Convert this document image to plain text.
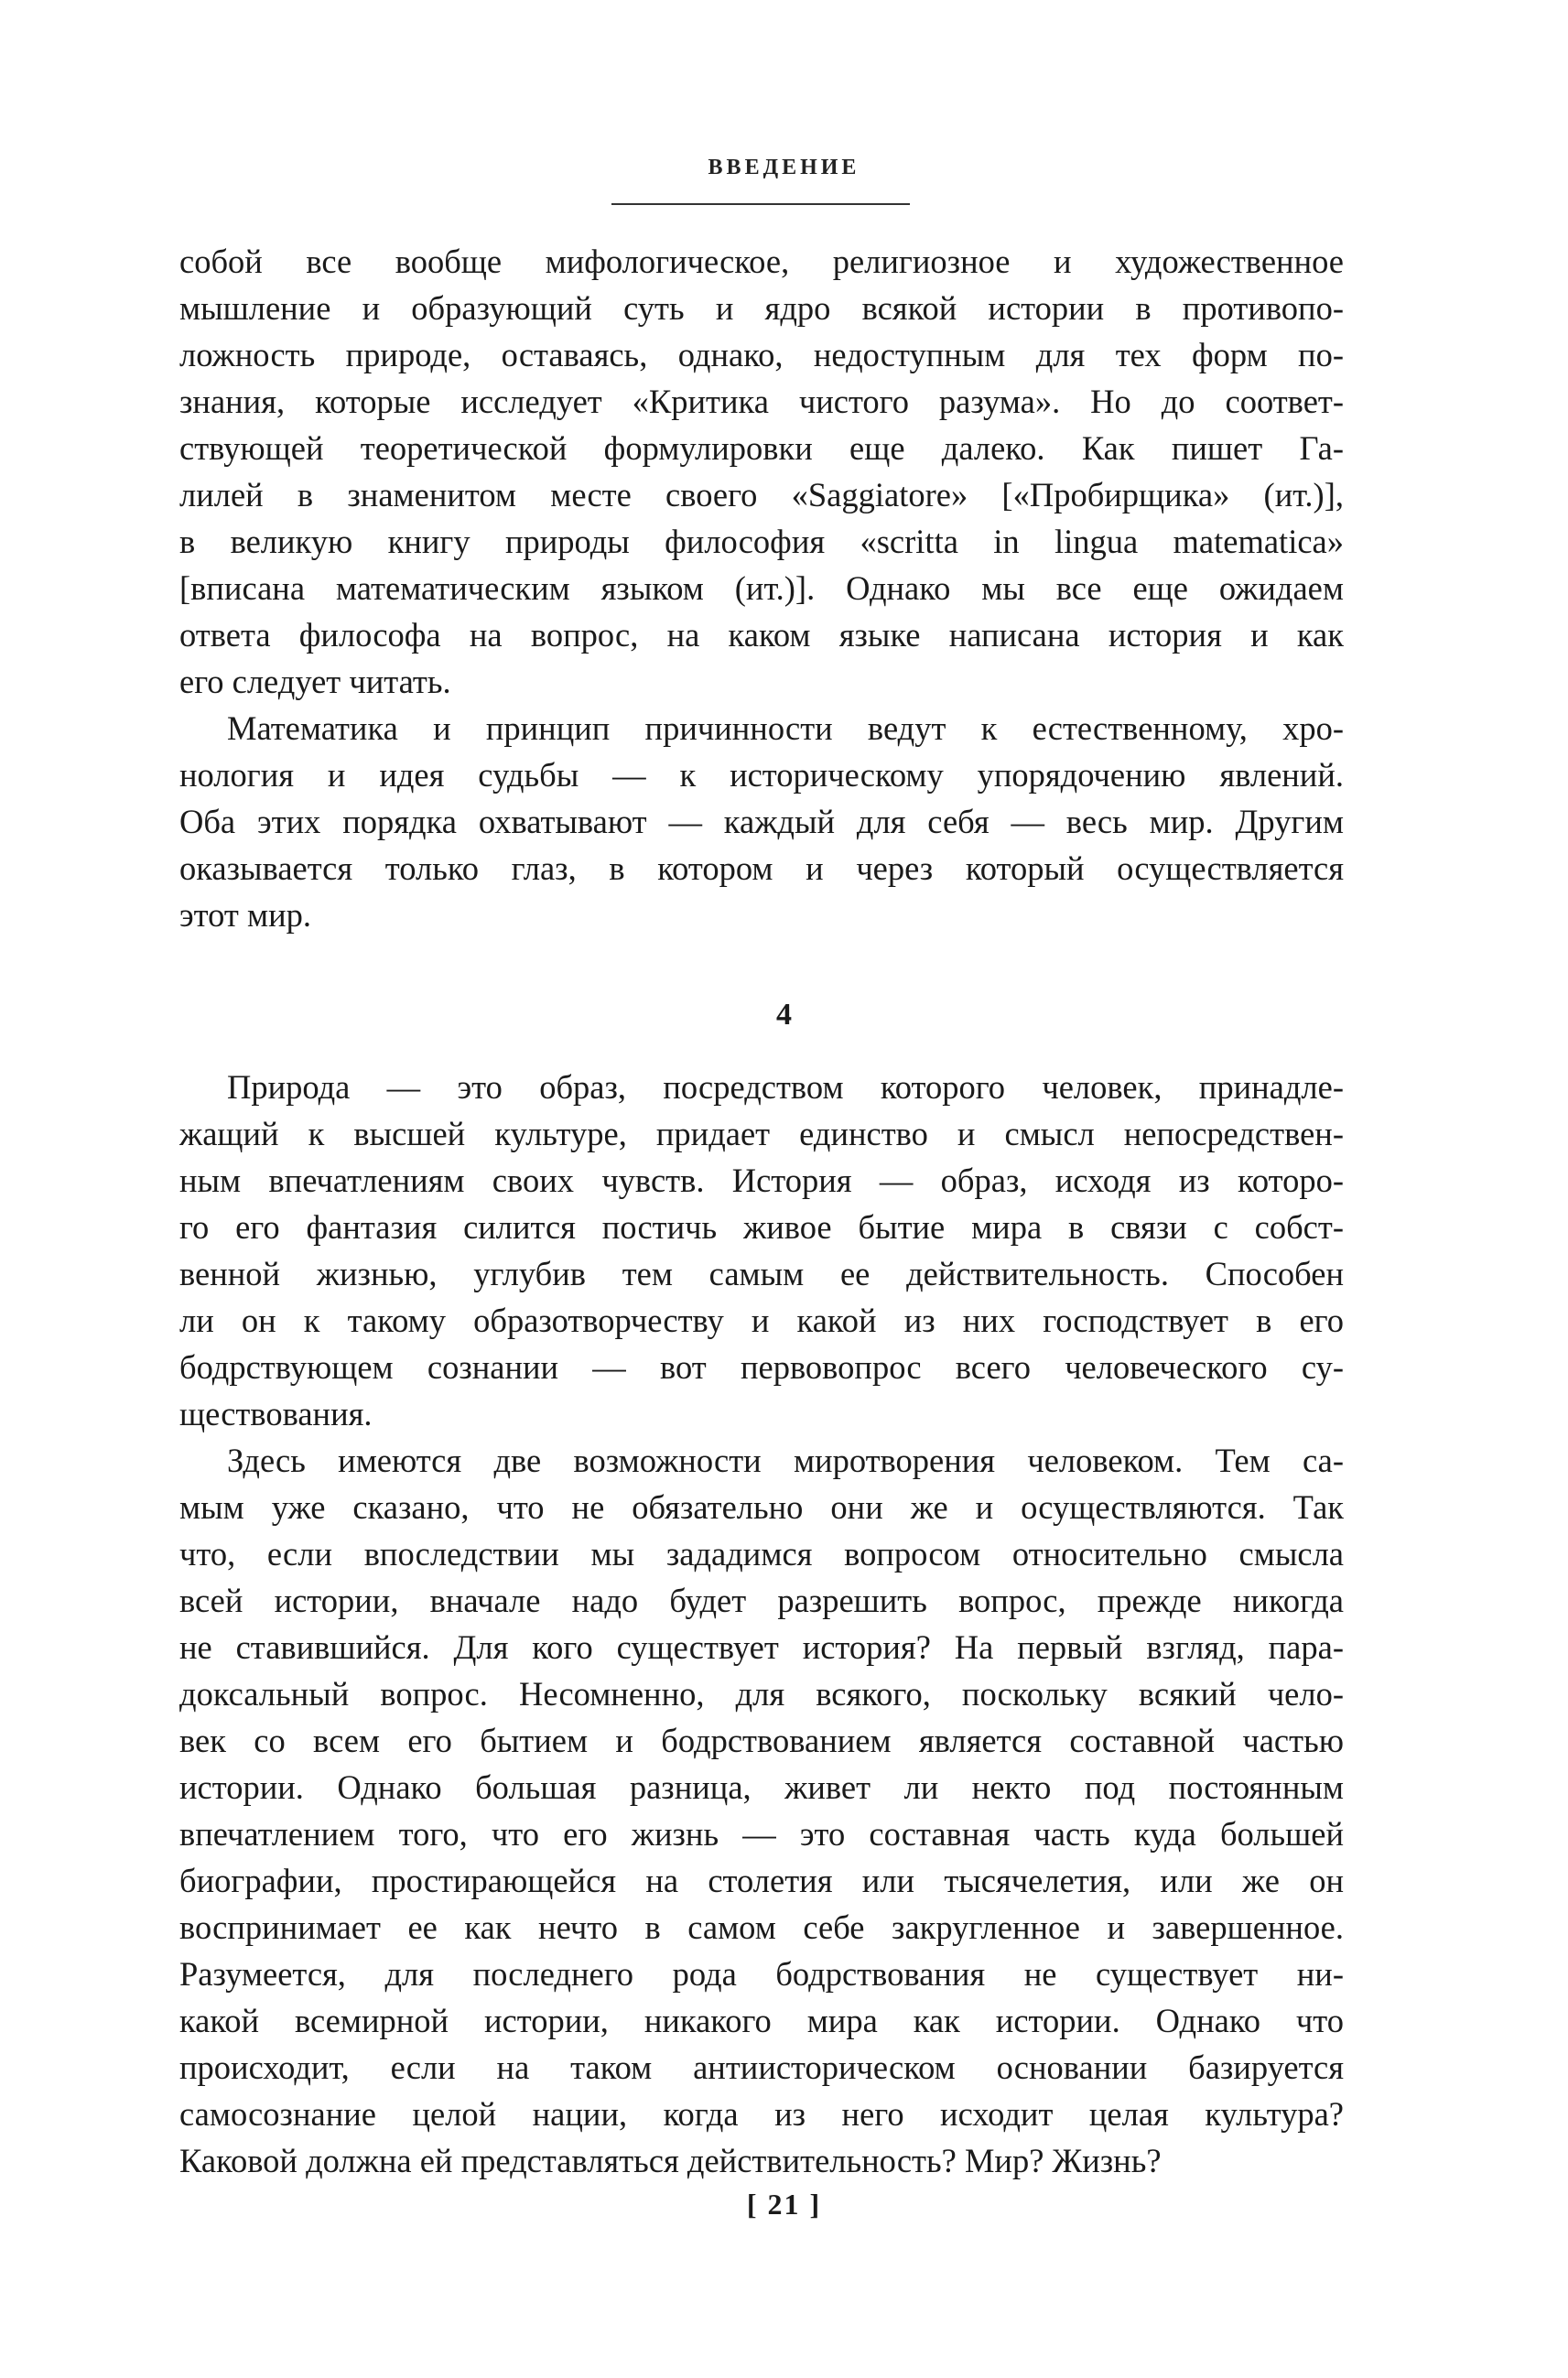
ВВЕДЕНИЕ

собой все вообще мифологическое, религиозное и художественное
мышление и образующий суть и ядро всякой истории в противопо-
ложность природе, оставаясь, однако, недоступным для тех форм по-
знания, которые исследует «Критика чистого разума». Но до соответ-
ствующей теоретической формулировки еще далеко. Как пишет Га-
лилей в знаменитом месте своего «Saggiatore» [«Пробирщика» (ит.)],
в великую книгу природы философия «scritta in lingua matematica»
[вписана математическим языком (ит.)]. Однако мы все еще ожидаем
ответа философа на вопрос, на каком языке написана история и как
его следует читать.

Математика и принцип причинности ведут к естественному, хро-
нология и идея судьбы — к историческому упорядочению явлений.
Оба этих порядка охватывают — каждый для себя — весь мир. Другим
оказывается только глаз, в котором и через который осуществляется
этот мир.

4

Природа — это образ, посредством которого человек, принадле-
жащий к высшей культуре, придает единство и смысл непосредствен-
ным впечатлениям своих чувств. История — образ, исходя из которо-
го его фантазия силится постичь живое бытие мира в связи с собст-
венной жизнью, углубив тем самым ее действительность. Способен
ли он к такому образотворчеству и какой из них господствует в его
бодрствующем сознании — вот первовопрос всего человеческого су-
ществования.

Здесь имеются две возможности миротворения человеком. Тем са-
мым уже сказано, что не обязательно они же и осуществляются. Так
что, если впоследствии мы зададимся вопросом относительно смысла
всей истории, вначале надо будет разрешить вопрос, прежде никогда
не ставившийся. Для кого существует история? На первый взгляд, пара-
доксальный вопрос. Несомненно, для всякого, поскольку всякий чело-
век со всем его бытием и бодрствованием является составной частью
истории. Однако большая разница, живет ли некто под постоянным
впечатлением того, что его жизнь — это составная часть куда большей
биографии, простирающейся на столетия или тысячелетия, или же он
воспринимает ее как нечто в самом себе закругленное и завершенное.
Разумеется, для последнего рода бодрствования не существует ни-
какой всемирной истории, никакого мира как истории. Однако что
происходит, если на таком антиисторическом основании базируется
самосознание целой нации, когда из него исходит целая культура?
Каковой должна ей представляться действительность? Мир? Жизнь?

[ 21 ]
